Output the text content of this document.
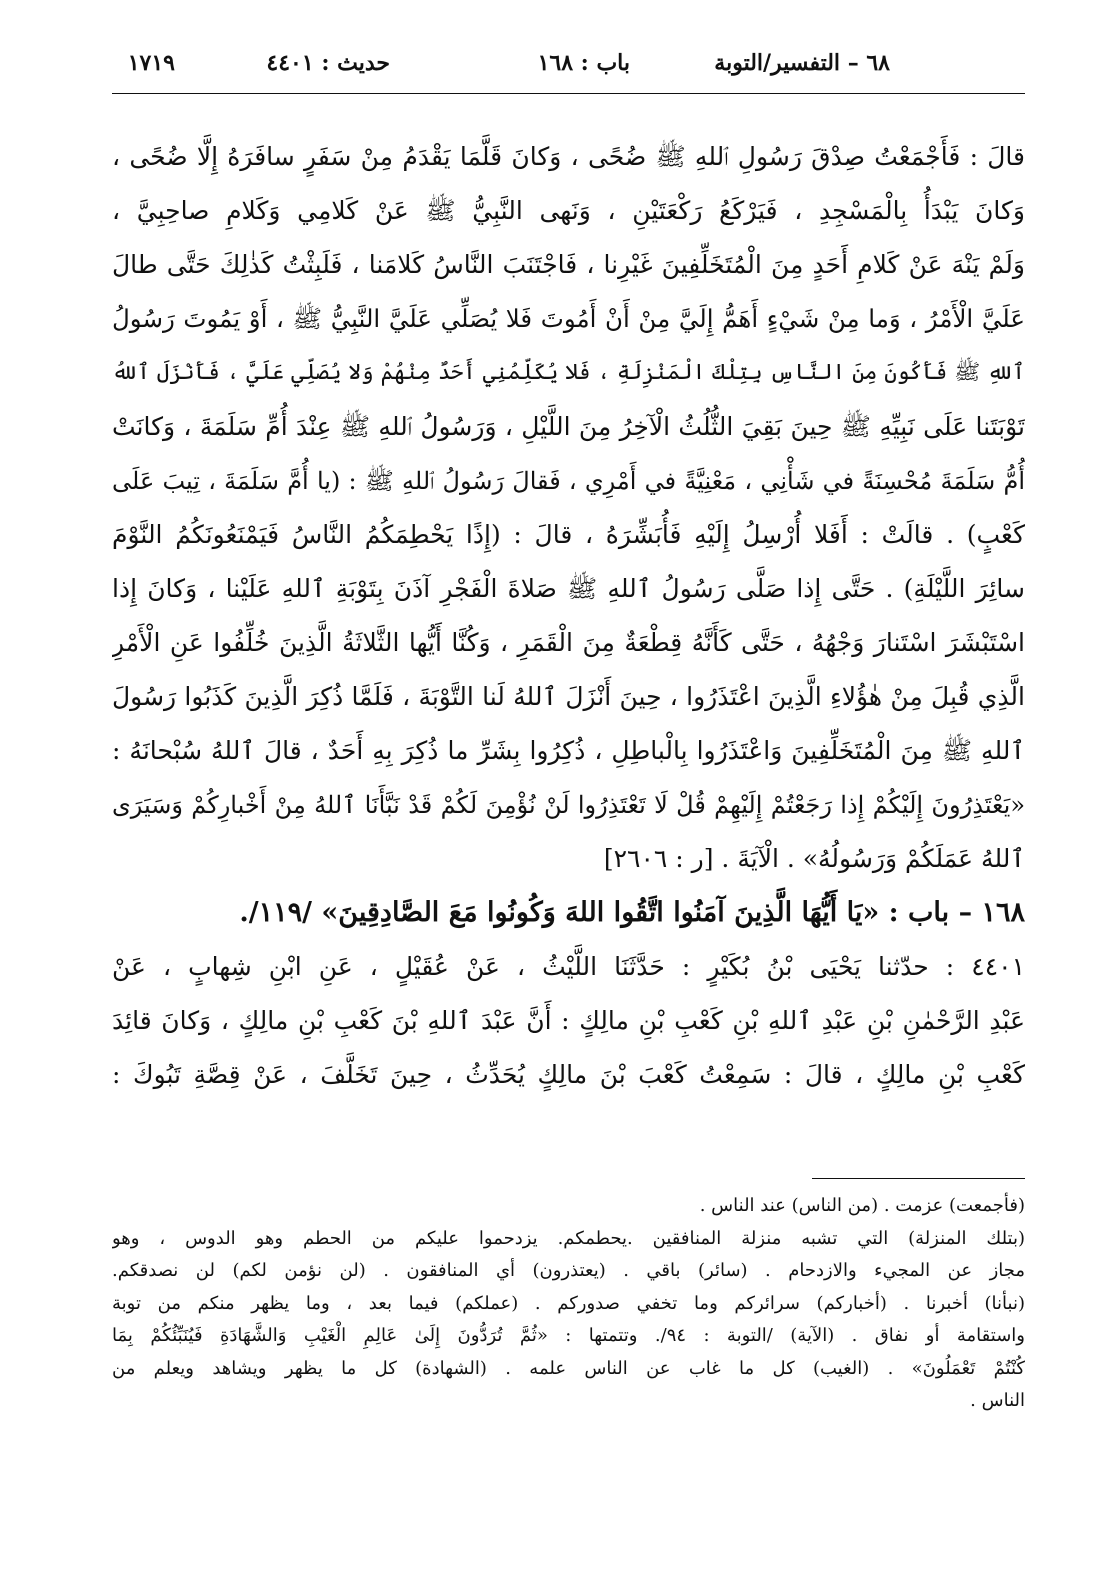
٦٨ – التفسير/التوبة
باب : ١٦٨
حديث : ٤٤٠١
١٧١٩
قالَ : فَأَجْمَعْتُ صِدْقَ رَسُولِ ٱللهِ ﷺ ضُحًى ، وَكانَ قَلَّمَا يَقْدَمُ مِنْ سَفَرٍ سافَرَهُ إِلَّا ضُحًى ،
وَكانَ يَبْدَأُ بِالْمَسْجِدِ ، فَيَرْكَعُ رَكْعَتَيْنِ ، وَنَهى النَّبِيُّ ﷺ عَنْ كَلامِي وَكَلامِ صاحِبِيَّ ،
وَلَمْ يَنْهَ عَنْ كَلامِ أَحَدٍ مِنَ الْمُتَخَلِّفِينَ غَيْرِنا ، فَاجْتَنَبَ النَّاسُ كَلامَنا ، فَلَبِثْتُ كَذٰلِكَ حَتَّى طالَ
عَلَيَّ الْأَمْرُ ، وَما مِنْ شَيْءٍ أَهَمُّ إِلَيَّ مِنْ أَنْ أَمُوتَ فَلا يُصَلِّي عَلَيَّ النَّبِيُّ ﷺ ، أَوْ يَمُوتَ رَسُولُ
ٱللهِ ﷺ فَأَكُونَ مِنَ النَّاسِ بِتِلْكَ الْمَنْزِلَةِ ، فَلا يُكَلِّمُنِي أَحَدٌ مِنْهُمْ وَلا يُصَلِّي عَلَيَّ ، فَأَنْزَلَ ٱللهُ
تَوْبَتَنا عَلَى نَبِيِّهِ ﷺ حِينَ بَقِيَ الثُّلُثُ الْآخِرُ مِنَ اللَّيْلِ ، وَرَسُولُ ٱللهِ ﷺ عِنْدَ أُمِّ سَلَمَةَ ، وَكانَتْ
أُمُّ سَلَمَةَ مُحْسِنَةً في شَأْنِي ، مَعْنِيَّةً في أَمْرِي ، فَقالَ رَسُولُ ٱللهِ ﷺ : (يا أُمَّ سَلَمَةَ ، تِيبَ عَلَى
كَعْبٍ) . قالَتْ : أَفَلا أُرْسِلُ إِلَيْهِ فَأُبَشِّرَهُ ، قالَ : (إِذًا يَحْطِمَكُمُ النَّاسُ فَيَمْنَعُونَكُمُ النَّوْمَ
سائِرَ اللَّيْلَةِ) . حَتَّى إِذا صَلَّى رَسُولُ ٱللهِ ﷺ صَلاةَ الْفَجْرِ آذَنَ بِتَوْبَةِ ٱللهِ عَلَيْنا ، وَكانَ إِذا
اسْتَبْشَرَ اسْتَنارَ وَجْهُهُ ، حَتَّى كَأَنَّهُ قِطْعَةٌ مِنَ الْقَمَرِ ، وَكُنَّا أَيُّها الثَّلاثَةُ الَّذِينَ خُلِّفُوا عَنِ الْأَمْرِ
الَّذِي قُبِلَ مِنْ هٰؤُلاءِ الَّذِينَ اعْتَذَرُوا ، حِينَ أَنْزَلَ ٱللهُ لَنا التَّوْبَةَ ، فَلَمَّا ذُكِرَ الَّذِينَ كَذَبُوا رَسُولَ
ٱللهِ ﷺ مِنَ الْمُتَخَلِّفِينَ وَاعْتَذَرُوا بِالْباطِلِ ، ذُكِرُوا بِشَرِّ ما ذُكِرَ بِهِ أَحَدٌ ، قالَ ٱللهُ سُبْحانَهُ :
«يَعْتَذِرُونَ إِلَيْكُمْ إِذا رَجَعْتُمْ إِلَيْهِمْ قُلْ لَا تَعْتَذِرُوا لَنْ نُؤْمِنَ لَكُمْ قَدْ نَبَّأَنَا ٱللهُ مِنْ أَخْبارِكُمْ وَسَيَرَى
ٱللهُ عَمَلَكُمْ وَرَسُولُهُ» . الْآيَةَ . [ر : ٢٦٠٦]
١٦٨ – باب : «يَا أَيُّهَا الَّذِينَ آمَنُوا اتَّقُوا اللهَ وَكُونُوا مَعَ الصَّادِقِينَ» /١١٩/.
٤٤٠١ : حدّثنا يَحْيَى بْنُ بُكَيْرٍ : حَدَّثَنَا اللَّيْثُ ، عَنْ عُقَيْلٍ ، عَنِ ابْنِ شِهابٍ ، عَنْ
عَبْدِ الرَّحْمٰنِ بْنِ عَبْدِ ٱللهِ بْنِ كَعْبِ بْنِ مالِكٍ : أَنَّ عَبْدَ ٱللهِ بْنَ كَعْبِ بْنِ مالِكٍ ، وَكانَ قائِدَ
كَعْبِ بْنِ مالِكٍ ، قالَ : سَمِعْتُ كَعْبَ بْنَ مالِكٍ يُحَدِّثُ ، حِينَ تَخَلَّفَ ، عَنْ قِصَّةِ تَبُوكَ :
(فأجمعت) عزمت . (من الناس) عند الناس .
(بتلك المنزلة) التي تشبه منزلة المنافقين .يحطمكم. يزدحموا عليكم من الحطم وهو الدوس ، وهو
مجاز عن المجيء والازدحام . (سائر) باقي . (يعتذرون) أي المنافقون . (لن نؤمن لكم) لن نصدقكم.
(نبأنا) أخبرنا . (أخباركم) سرائركم وما تخفي صدوركم . (عملكم) فيما بعد ، وما يظهر منكم من توبة
واستقامة أو نفاق . (الآية) /التوبة : ٩٤/. وتتمتها : «ثُمَّ تُرَدُّونَ إِلَىٰ عَالِمِ الْغَيْبِ وَالشَّهَادَةِ فَيُنَبِّئُكُمْ بِمَا
كُنْتُمْ تَعْمَلُونَ» . (الغيب) كل ما غاب عن الناس علمه . (الشهادة) كل ما يظهر ويشاهد ويعلم من
الناس .
